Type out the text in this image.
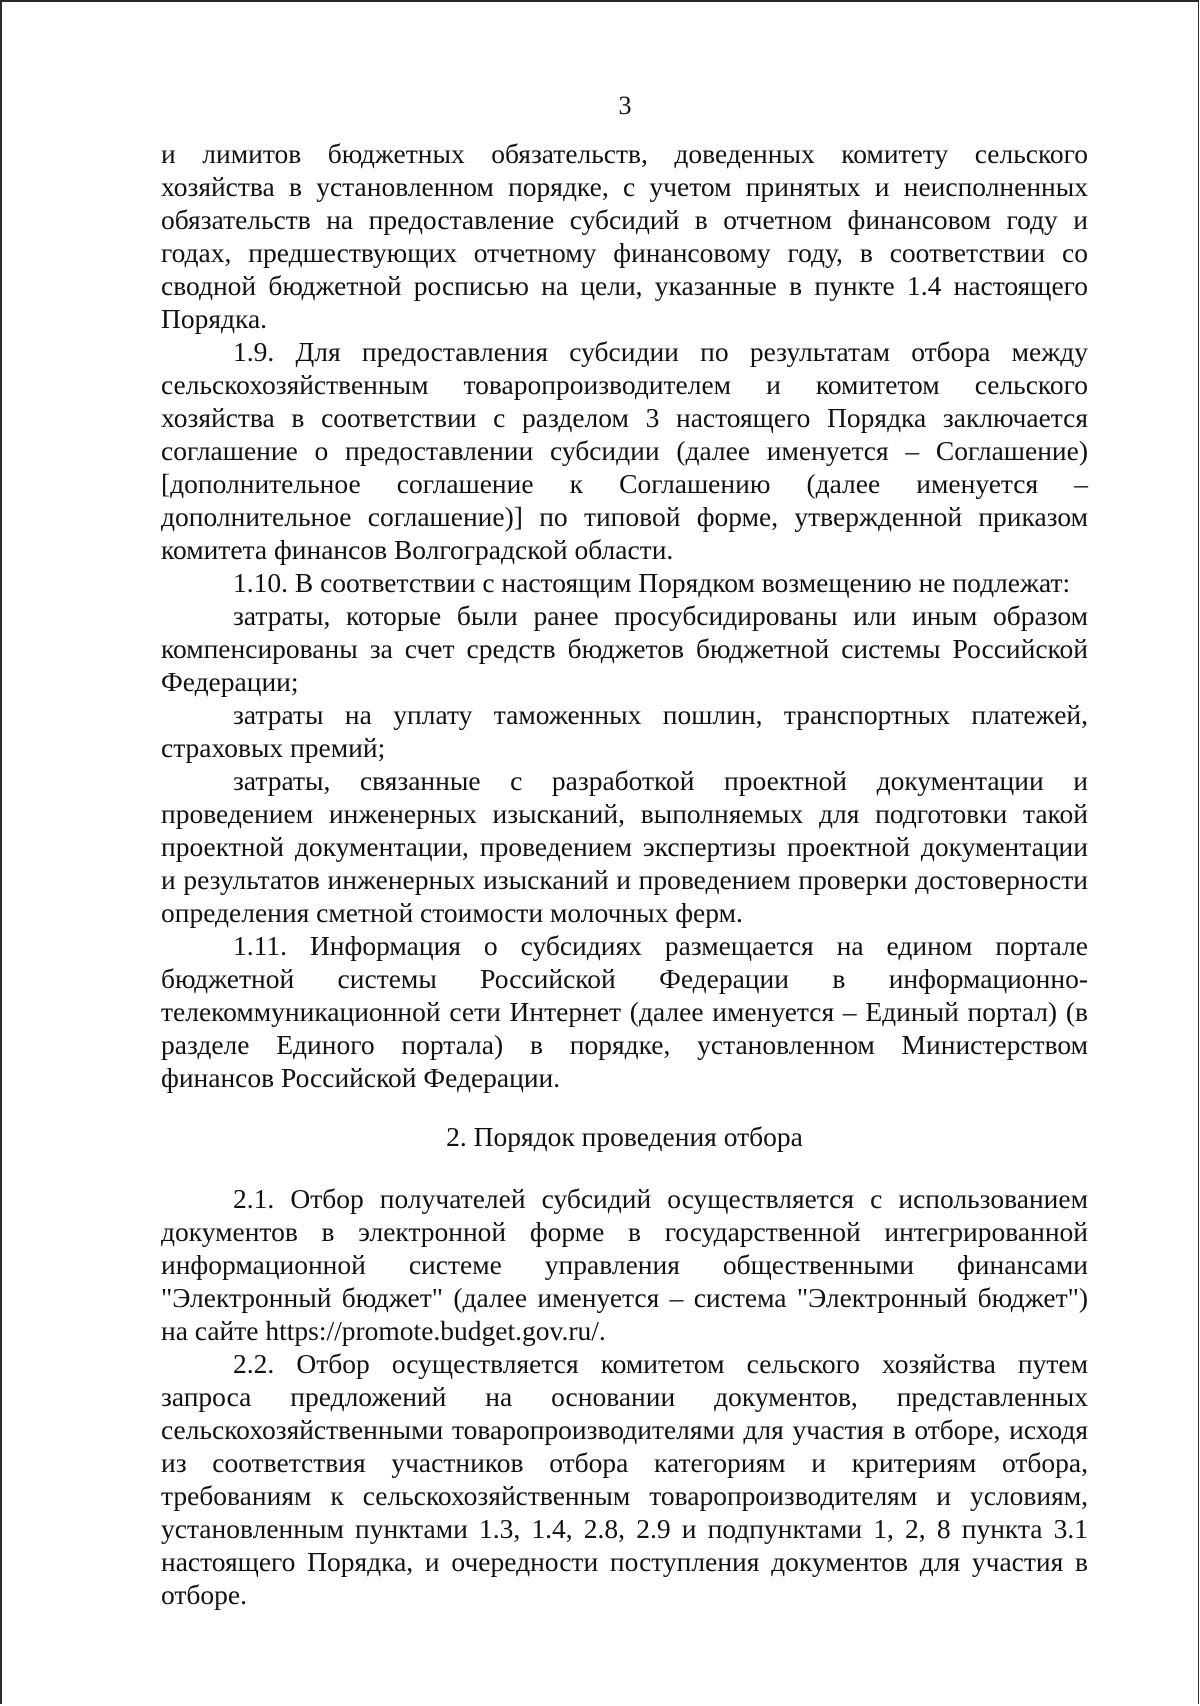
3

и лимитов бюджетных обязательств, доведенных комитету сельского хозяйства в установленном порядке, с учетом принятых и неисполненных обязательств на предоставление субсидий в отчетном финансовом году и годах, предшествующих отчетному финансовому году, в соответствии со сводной бюджетной росписью на цели, указанные в пункте 1.4 настоящего Порядка.

1.9. Для предоставления субсидии по результатам отбора между сельскохозяйственным товаропроизводителем и комитетом сельского хозяйства в соответствии с разделом 3 настоящего Порядка заключается соглашение о предоставлении субсидии (далее именуется – Соглашение) [дополнительное соглашение к Соглашению (далее именуется – дополнительное соглашение)] по типовой форме, утвержденной приказом комитета финансов Волгоградской области.

1.10. В соответствии с настоящим Порядком возмещению не подлежат:

затраты, которые были ранее просубсидированы или иным образом компенсированы за счет средств бюджетов бюджетной системы Российской Федерации;

затраты на уплату таможенных пошлин, транспортных платежей, страховых премий;

затраты, связанные с разработкой проектной документации и проведением инженерных изысканий, выполняемых для подготовки такой проектной документации, проведением экспертизы проектной документации и результатов инженерных изысканий и проведением проверки достоверности определения сметной стоимости молочных ферм.

1.11. Информация о субсидиях размещается на едином портале бюджетной системы Российской Федерации в информационно-телекоммуникационной сети Интернет (далее именуется – Единый портал) (в разделе Единого портала) в порядке, установленном Министерством финансов Российской Федерации.

2. Порядок проведения отбора

2.1. Отбор получателей субсидий осуществляется с использованием документов в электронной форме в государственной интегрированной информационной системе управления общественными финансами "Электронный бюджет" (далее именуется – система "Электронный бюджет") на сайте https://promote.budget.gov.ru/.

2.2. Отбор осуществляется комитетом сельского хозяйства путем запроса предложений на основании документов, представленных сельскохозяйственными товаропроизводителями для участия в отборе, исходя из соответствия участников отбора категориям и критериям отбора, требованиям к сельскохозяйственным товаропроизводителям и условиям, установленным пунктами 1.3, 1.4, 2.8, 2.9 и подпунктами 1, 2, 8 пункта 3.1 настоящего Порядка, и очередности поступления документов для участия в отборе.
